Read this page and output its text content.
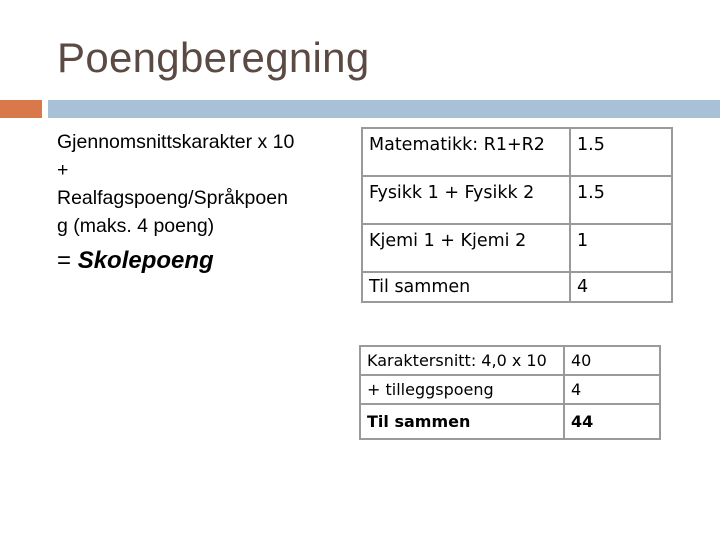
Poengberegning
Gjennomsnittskarakter x 10
+
Realfagspoeng/Språkpoen
g (maks. 4 poeng)
= Skolepoeng
Matematikk: R1+R2	1.5
Fysikk 1 + Fysikk 2	1.5
Kjemi 1 + Kjemi 2	1
Til sammen	4
Karaktersnitt: 4,0 x 10	40
+ tilleggspoeng	4
Til sammen	44
